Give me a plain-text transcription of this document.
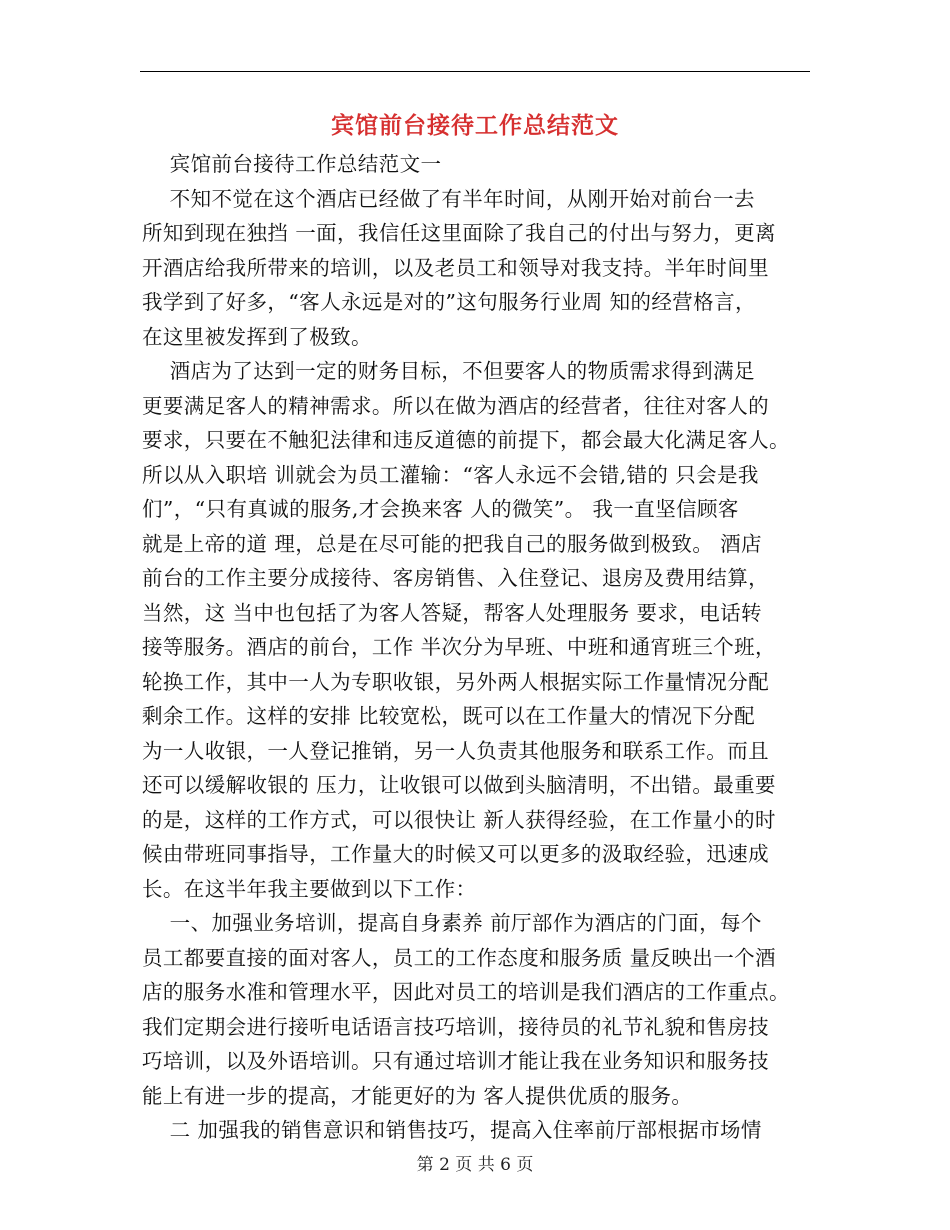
宾馆前台接待工作总结范文
宾馆前台接待工作总结范文一
不知不觉在这个酒店已经做了有半年时间，从刚开始对前台一去
所知到现在独挡 一面，我信任这里面除了我自己的付出与努力，更离
开酒店给我所带来的培训，以及老员工和领导对我支持。半年时间里
我学到了好多，“客人永远是对的”这句服务行业周 知的经营格言，
在这里被发挥到了极致。
酒店为了达到一定的财务目标，不但要客人的物质需求得到满足
更要满足客人的精神需求。所以在做为酒店的经营者，往往对客人的
要求，只要在不触犯法律和违反道德的前提下，都会最大化满足客人。
所以从入职培 训就会为员工灌输：“客人永远不会错,错的 只会是我
们”，“只有真诚的服务,才会换来客 人的微笑”。 我一直坚信顾客
就是上帝的道 理，总是在尽可能的把我自己的服务做到极致。 酒店
前台的工作主要分成接待、客房销售、入住登记、退房及费用结算，
当然，这 当中也包括了为客人答疑，帮客人处理服务 要求，电话转
接等服务。酒店的前台，工作 半次分为早班、中班和通宵班三个班，
轮换工作，其中一人为专职收银，另外两人根据实际工作量情况分配
剩余工作。这样的安排 比较宽松，既可以在工作量大的情况下分配
为一人收银，一人登记推销，另一人负责其他服务和联系工作。而且
还可以缓解收银的 压力，让收银可以做到头脑清明，不出错。最重要
的是，这样的工作方式，可以很快让 新人获得经验，在工作量小的时
候由带班同事指导，工作量大的时候又可以更多的汲取经验，迅速成
长。在这半年我主要做到以下工作：
一、加强业务培训，提高自身素养 前厅部作为酒店的门面，每个
员工都要直接的面对客人，员工的工作态度和服务质 量反映出一个酒
店的服务水准和管理水平，因此对员工的培训是我们酒店的工作重点。
我们定期会进行接听电话语言技巧培训，接待员的礼节礼貌和售房技
巧培训，以及外语培训。只有通过培训才能让我在业务知识和服务技
能上有进一步的提高，才能更好的为 客人提供优质的服务。
二 加强我的销售意识和销售技巧，提高入住率前厅部根据市场情
第 2 页 共 6 页
